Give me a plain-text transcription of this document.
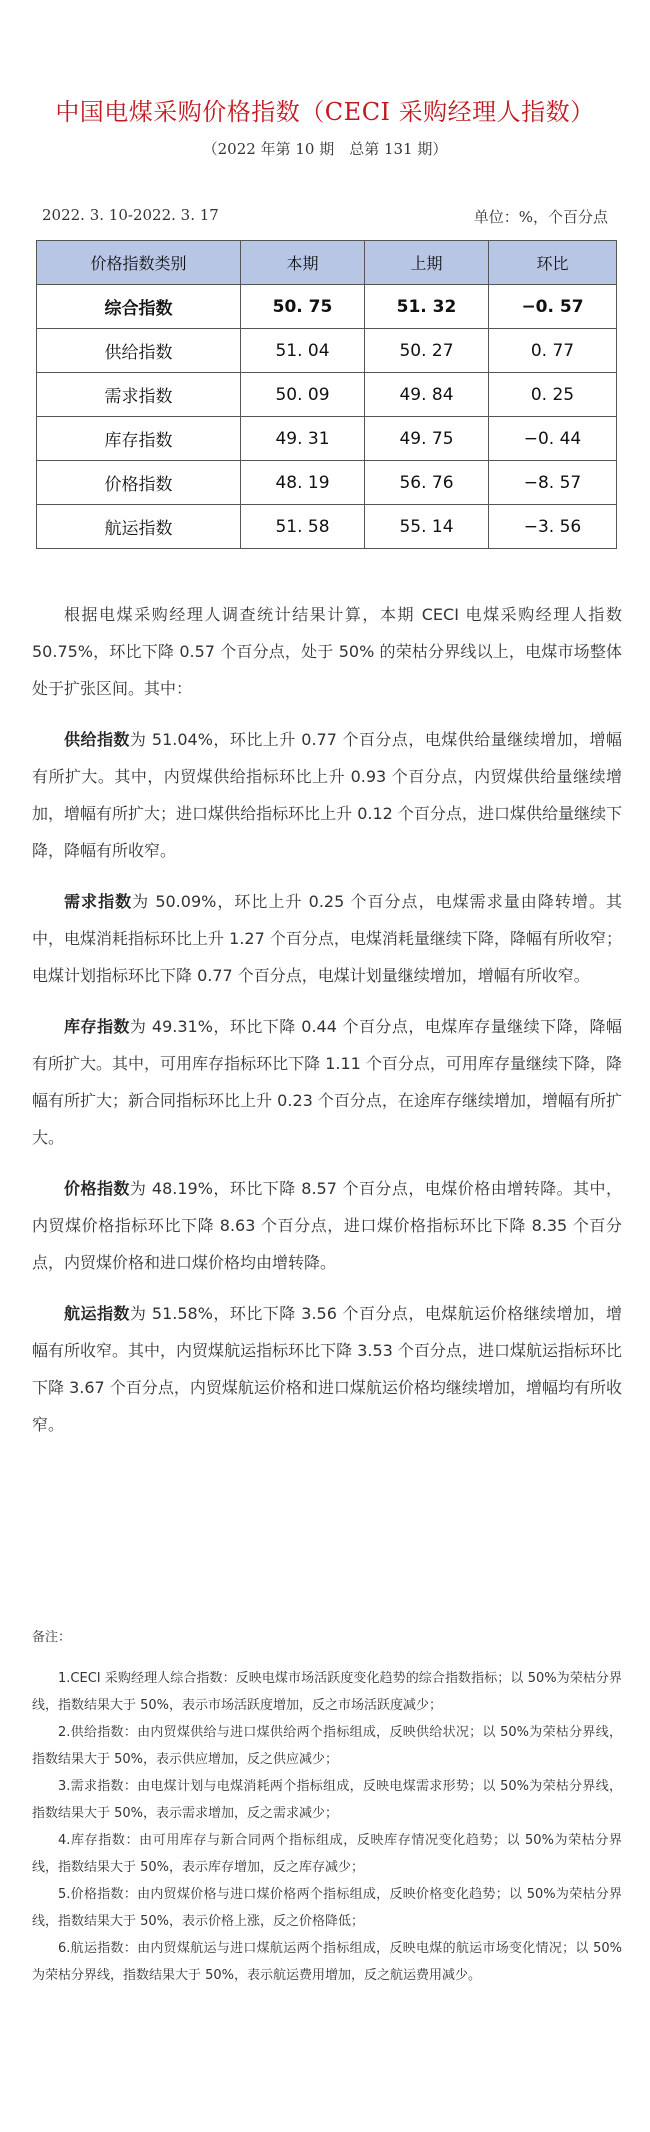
中国电煤采购价格指数（CECI 采购经理人指数）
（2022 年第 10 期　总第 131 期）
2022. 3. 10-2022. 3. 17	单位：%，个百分点
价格指数类别	本期	上期	环比
综合指数	50. 75	51. 32	−0. 57
供给指数	51. 04	50. 27	0. 77
需求指数	50. 09	49. 84	0. 25
库存指数	49. 31	49. 75	−0. 44
价格指数	48. 19	56. 76	−8. 57
航运指数	51. 58	55. 14	−3. 56

根据电煤采购经理人调查统计结果计算，本期 CECI 电煤采购经理人指数 50.75%，环比下降 0.57 个百分点，处于 50% 的荣枯分界线以上，电煤市场整体处于扩张区间。其中：

供给指数为 51.04%，环比上升 0.77 个百分点，电煤供给量继续增加，增幅有所扩大。其中，内贸煤供给指标环比上升 0.93 个百分点，内贸煤供给量继续增加，增幅有所扩大；进口煤供给指标环比上升 0.12 个百分点，进口煤供给量继续下降，降幅有所收窄。

需求指数为 50.09%，环比上升 0.25 个百分点，电煤需求量由降转增。其中，电煤消耗指标环比上升 1.27 个百分点，电煤消耗量继续下降，降幅有所收窄；电煤计划指标环比下降 0.77 个百分点，电煤计划量继续增加，增幅有所收窄。

库存指数为 49.31%，环比下降 0.44 个百分点，电煤库存量继续下降，降幅有所扩大。其中，可用库存指标环比下降 1.11 个百分点，可用库存量继续下降，降幅有所扩大；新合同指标环比上升 0.23 个百分点，在途库存继续增加，增幅有所扩大。

价格指数为 48.19%，环比下降 8.57 个百分点，电煤价格由增转降。其中，内贸煤价格指标环比下降 8.63 个百分点，进口煤价格指标环比下降 8.35 个百分点，内贸煤价格和进口煤价格均由增转降。

航运指数为 51.58%，环比下降 3.56 个百分点，电煤航运价格继续增加，增幅有所收窄。其中，内贸煤航运指标环比下降 3.53 个百分点，进口煤航运指标环比下降 3.67 个百分点，内贸煤航运价格和进口煤航运价格均继续增加，增幅均有所收窄。

备注：

1.CECI 采购经理人综合指数：反映电煤市场活跃度变化趋势的综合指数指标；以 50%为荣枯分界线，指数结果大于 50%，表示市场活跃度增加，反之市场活跃度减少；

2.供给指数：由内贸煤供给与进口煤供给两个指标组成，反映供给状况；以 50%为荣枯分界线，指数结果大于 50%，表示供应增加，反之供应减少；

3.需求指数：由电煤计划与电煤消耗两个指标组成，反映电煤需求形势；以 50%为荣枯分界线，指数结果大于 50%，表示需求增加，反之需求减少；

4.库存指数：由可用库存与新合同两个指标组成，反映库存情况变化趋势；以 50%为荣枯分界线，指数结果大于 50%，表示库存增加，反之库存减少；

5.价格指数：由内贸煤价格与进口煤价格两个指标组成，反映价格变化趋势；以 50%为荣枯分界线，指数结果大于 50%，表示价格上涨，反之价格降低；

6.航运指数：由内贸煤航运与进口煤航运两个指标组成，反映电煤的航运市场变化情况；以 50%为荣枯分界线，指数结果大于 50%，表示航运费用增加，反之航运费用减少。
